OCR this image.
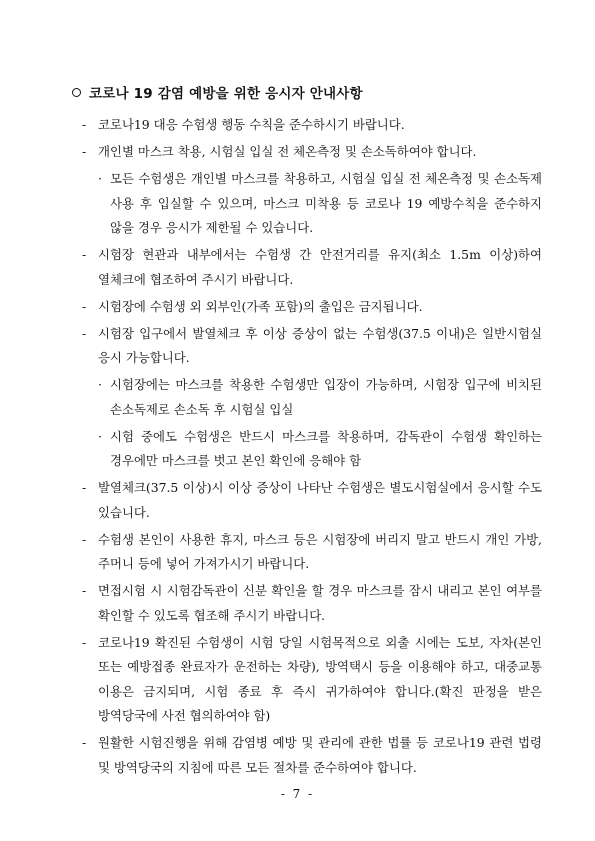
코로나 19 감염 예방을 위한 응시자 안내사항
- 코로나19 대응 수험생 행동 수칙을 준수하시기 바랍니다.
- 개인별 마스크 착용, 시험실 입실 전 체온측정 및 손소독하여야 합니다.
· 모든 수험생은 개인별 마스크를 착용하고, 시험실 입실 전 체온측정 및 손소독제 사용 후 입실할 수 있으며, 마스크 미착용 등 코로나 19 예방수칙을 준수하지 않을 경우 응시가 제한될 수 있습니다.
- 시험장 현관과 내부에서는 수험생 간 안전거리를 유지(최소 1.5m 이상)하여 열체크에 협조하여 주시기 바랍니다.
- 시험장에 수험생 외 외부인(가족 포함)의 출입은 금지됩니다.
- 시험장 입구에서 발열체크 후 이상 증상이 없는 수험생(37.5 이내)은 일반시험실 응시 가능합니다.
· 시험장에는 마스크를 착용한 수험생만 입장이 가능하며, 시험장 입구에 비치된 손소독제로 손소독 후 시험실 입실
· 시험 중에도 수험생은 반드시 마스크를 착용하며, 감독관이 수험생 확인하는 경우에만 마스크를 벗고 본인 확인에 응해야 함
- 발열체크(37.5 이상)시 이상 증상이 나타난 수험생은 별도시험실에서 응시할 수도 있습니다.
- 수험생 본인이 사용한 휴지, 마스크 등은 시험장에 버리지 말고 반드시 개인 가방, 주머니 등에 넣어 가져가시기 바랍니다.
- 면접시험 시 시험감독관이 신분 확인을 할 경우 마스크를 잠시 내리고 본인 여부를 확인할 수 있도록 협조해 주시기 바랍니다.
- 코로나19 확진된 수험생이 시험 당일 시험목적으로 외출 시에는 도보, 자차(본인 또는 예방접종 완료자가 운전하는 차량), 방역택시 등을 이용해야 하고, 대중교통 이용은 금지되며, 시험 종료 후 즉시 귀가하여야 합니다.(확진 판정을 받은 방역당국에 사전 협의하여야 함)
- 원활한 시험진행을 위해 감염병 예방 및 관리에 관한 법률 등 코로나19 관련 법령 및 방역당국의 지침에 따른 모든 절차를 준수하여야 합니다.
- 7 -
